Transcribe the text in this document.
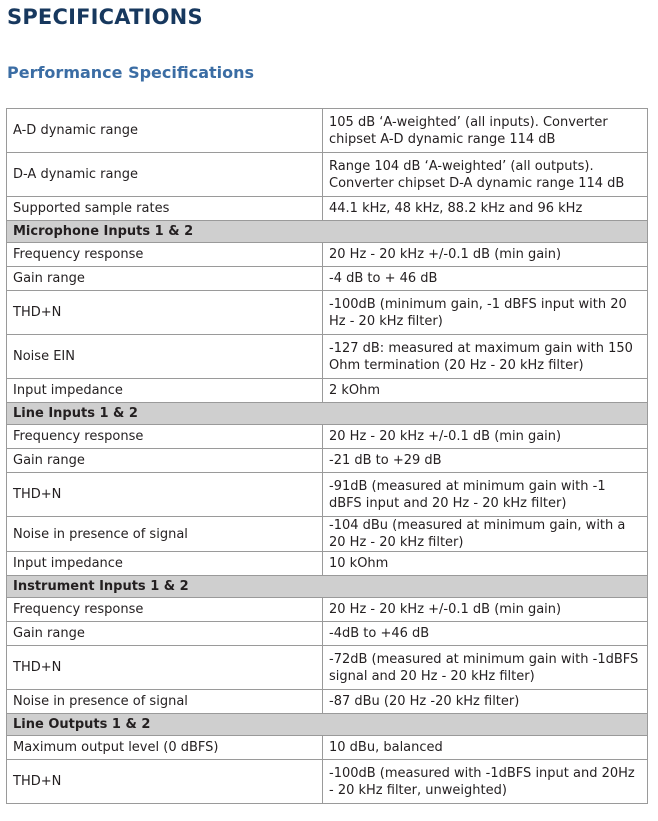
SPECIFICATIONS
Performance Specifications
A-D dynamic range	105 dB ‘A-weighted’ (all inputs). Converter chipset A-D dynamic range 114 dB
D-A dynamic range	Range 104 dB ‘A-weighted’ (all outputs). Converter chipset D-A dynamic range 114 dB
Supported sample rates	44.1 kHz, 48 kHz, 88.2 kHz and 96 kHz
Microphone Inputs 1 & 2	
Frequency response	20 Hz - 20 kHz +/-0.1 dB (min gain)
Gain range	-4 dB to + 46 dB
THD+N	-100dB (minimum gain, -1 dBFS input with 20 Hz - 20 kHz filter)
Noise EIN	-127 dB: measured at maximum gain with 150 Ohm termination (20 Hz - 20 kHz filter)
Input impedance	2 kOhm
Line Inputs 1 & 2	
Frequency response	20 Hz - 20 kHz +/-0.1 dB (min gain)
Gain range	-21 dB to +29 dB
THD+N	-91dB (measured at minimum gain with -1 dBFS input and 20 Hz - 20 kHz filter)
Noise in presence of signal	-104 dBu (measured at minimum gain, with a 20 Hz - 20 kHz filter)
Input impedance	10 kOhm
Instrument Inputs 1 & 2	
Frequency response	20 Hz - 20 kHz +/-0.1 dB (min gain)
Gain range	-4dB to +46 dB
THD+N	-72dB (measured at minimum gain with -1dBFS signal and 20 Hz - 20 kHz filter)
Noise in presence of signal	-87 dBu (20 Hz -20 kHz filter)
Line Outputs 1 & 2	
Maximum output level (0 dBFS)	10 dBu, balanced
THD+N	-100dB (measured with -1dBFS input and 20Hz - 20 kHz filter, unweighted)
